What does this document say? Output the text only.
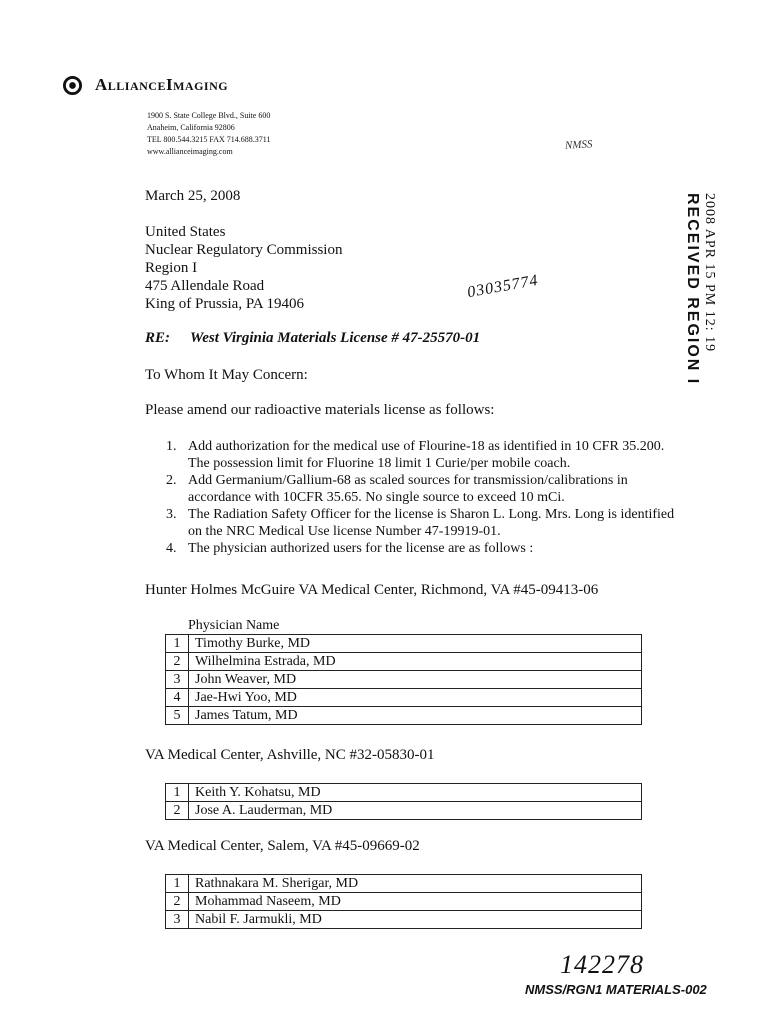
AllianceImaging
1900 S. State College Blvd., Suite 600
Anaheim, California 92806
TEL 800.544.3215 FAX 714.688.3711
www.allianceimaging.com	NMSS
March 25, 2008
United States
Nuclear Regulatory Commission
Region I
475 Allendale Road
King of Prussia, PA 19406
03035774	2008 APR 15 PM 12: 19
RECEIVED REGION I
RE: West Virginia Materials License # 47-25570-01
To Whom It May Concern:
Please amend our radioactive materials license as follows:
1. Add authorization for the medical use of Flourine-18 as identified in 10 CFR 35.200. The possession limit for Fluorine 18 limit 1 Curie/per mobile coach.
2. Add Germanium/Gallium-68 as scaled sources for transmission/calibrations in accordance with 10CFR 35.65. No single source to exceed 10 mCi.
3. The Radiation Safety Officer for the license is Sharon L. Long. Mrs. Long is identified on the NRC Medical Use license Number 47-19919-01.
4. The physician authorized users for the license are as follows :
Hunter Holmes McGuire VA Medical Center, Richmond, VA #45-09413-06
Physician Name
1	Timothy Burke, MD
2	Wilhelmina Estrada, MD
3	John Weaver, MD
4	Jae-Hwi Yoo, MD
5	James Tatum, MD
VA Medical Center, Ashville, NC #32-05830-01
1	Keith Y. Kohatsu, MD
2	Jose A. Lauderman, MD
VA Medical Center, Salem, VA #45-09669-02
1	Rathnakara M. Sherigar, MD
2	Mohammad Naseem, MD
3	Nabil F. Jarmukli, MD
142278
NMSS/RGN1 MATERIALS-002
